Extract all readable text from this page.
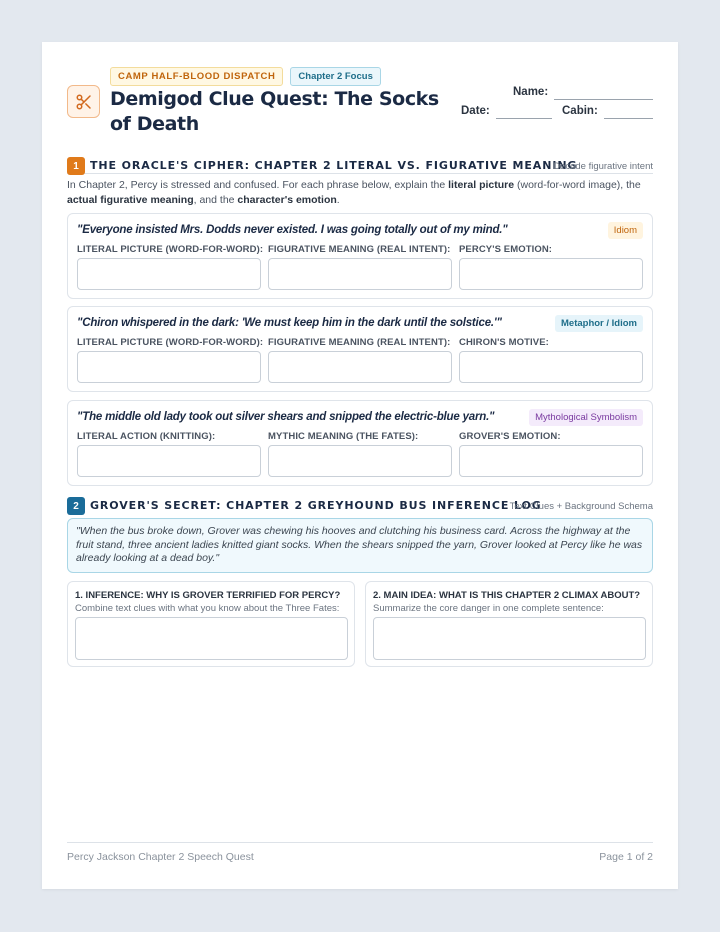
CAMP HALF-BLOOD DISPATCH	Chapter 2 Focus
Demigod Clue Quest: The Socks of Death
Name:
Date:	Cabin:
1	THE ORACLE'S CIPHER: CHAPTER 2 LITERAL VS. FIGURATIVE MEANING
Decode figurative intent
In Chapter 2, Percy is stressed and confused. For each phrase below, explain the literal picture (word-for-word image), the actual figurative meaning, and the character's emotion.
"Everyone insisted Mrs. Dodds never existed. I was going totally out of my mind."	Idiom
LITERAL PICTURE (WORD-FOR-WORD): FIGURATIVE MEANING (REAL INTENT): PERCY'S EMOTION:
"Chiron whispered in the dark: 'We must keep him in the dark until the solstice.'"	Metaphor / Idiom
LITERAL PICTURE (WORD-FOR-WORD): FIGURATIVE MEANING (REAL INTENT): CHIRON'S MOTIVE:
"The middle old lady took out silver shears and snipped the electric-blue yarn."	Mythological Symbolism
LITERAL ACTION (KNITTING):	MYTHIC MEANING (THE FATES):	GROVER'S EMOTION:
2	GROVER'S SECRET: CHAPTER 2 GREYHOUND BUS INFERENCE LOG
Text Clues + Background Schema
"When the bus broke down, Grover was chewing his hooves and clutching his business card. Across the highway at the fruit stand, three ancient ladies knitted giant socks. When the shears snipped the yarn, Grover looked at Percy like he was already looking at a dead boy."
1. INFERENCE: WHY IS GROVER TERRIFIED FOR PERCY?
Combine text clues with what you know about the Three Fates:
2. MAIN IDEA: WHAT IS THIS CHAPTER 2 CLIMAX ABOUT?
Summarize the core danger in one complete sentence:
Percy Jackson Chapter 2 Speech Quest	Page 1 of 2
